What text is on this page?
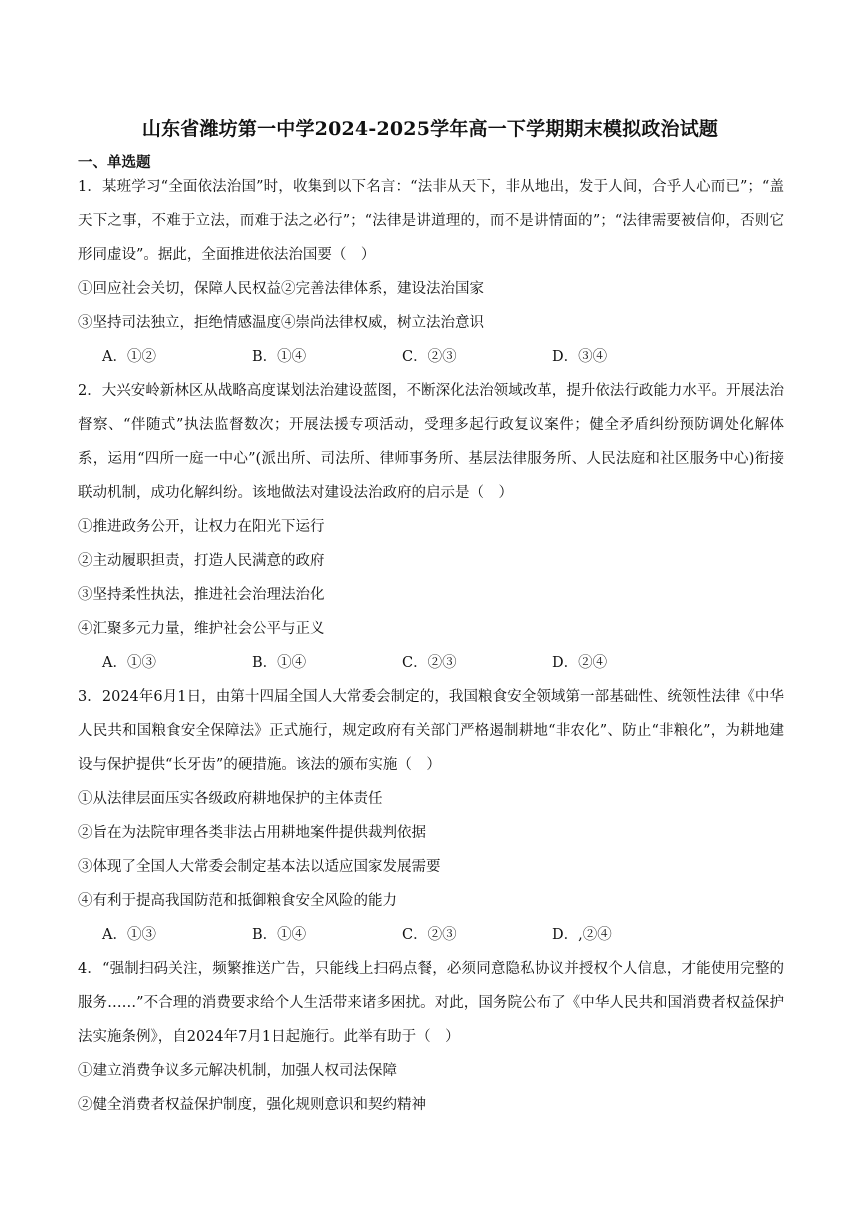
山东省潍坊第一中学2024-2025学年高一下学期期末模拟政治试题
一、单选题
1．某班学习“全面依法治国”时，收集到以下名言：“法非从天下，非从地出，发于人间，合乎人心而已”；“盖天下之事，不难于立法，而难于法之必行”；“法律是讲道理的，而不是讲情面的”；“法律需要被信仰，否则它形同虚设”。据此，全面推进依法治国要（　）
①回应社会关切，保障人民权益②完善法律体系，建设法治国家
③坚持司法独立，拒绝情感温度④崇尚法律权威，树立法治意识
A．①②	B．①④	C．②③	D．③④
2．大兴安岭新林区从战略高度谋划法治建设蓝图，不断深化法治领域改革，提升依法行政能力水平。开展法治督察、“伴随式”执法监督数次；开展法援专项活动，受理多起行政复议案件；健全矛盾纠纷预防调处化解体系，运用“四所一庭一中心”(派出所、司法所、律师事务所、基层法律服务所、人民法庭和社区服务中心)衔接联动机制，成功化解纠纷。该地做法对建设法治政府的启示是（　）
①推进政务公开，让权力在阳光下运行
②主动履职担责，打造人民满意的政府
③坚持柔性执法，推进社会治理法治化
④汇聚多元力量，维护社会公平与正义
A．①③	B．①④	C．②③	D．②④
3．2024年6月1日，由第十四届全国人大常委会制定的，我国粮食安全领域第一部基础性、统领性法律《中华人民共和国粮食安全保障法》正式施行，规定政府有关部门严格遏制耕地“非农化”、防止“非粮化”，为耕地建设与保护提供“长牙齿”的硬措施。该法的颁布实施（　）
①从法律层面压实各级政府耕地保护的主体责任
②旨在为法院审理各类非法占用耕地案件提供裁判依据
③体现了全国人大常委会制定基本法以适应国家发展需要
④有利于提高我国防范和抵御粮食安全风险的能力
A．①③	B．①④	C．②③	D．,②④
4．“强制扫码关注，频繁推送广告，只能线上扫码点餐，必须同意隐私协议并授权个人信息，才能使用完整的服务……”不合理的消费要求给个人生活带来诸多困扰。对此，国务院公布了《中华人民共和国消费者权益保护法实施条例》，自2024年7月1日起施行。此举有助于（　）
①建立消费争议多元解决机制，加强人权司法保障
②健全消费者权益保护制度，强化规则意识和契约精神
